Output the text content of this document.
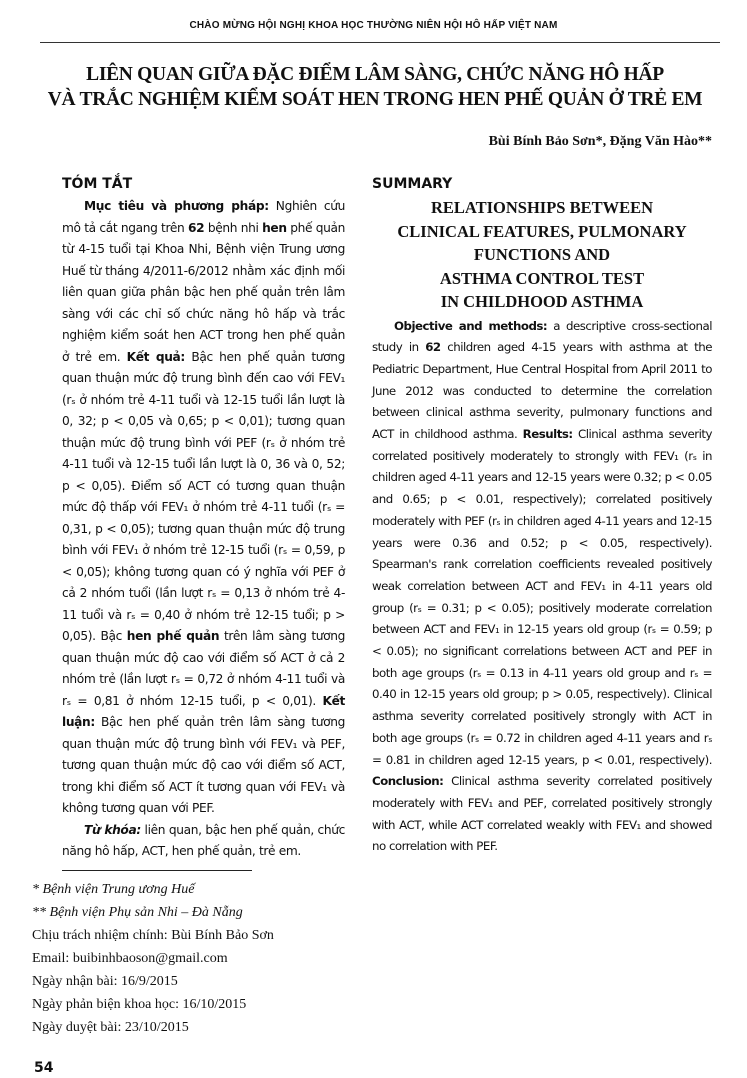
CHÀO MỪNG HỘI NGHỊ KHOA HỌC THƯỜNG NIÊN HỘI HÔ HẤP VIỆT NAM
LIÊN QUAN GIỮA ĐẶC ĐIỂM LÂM SÀNG, CHỨC NĂNG HÔ HẤP
VÀ TRẮC NGHIỆM KIỂM SOÁT HEN TRONG HEN PHẾ QUẢN Ở TRẺ EM
Bùi Bính Bảo Sơn*, Đặng Văn Hào**
TÓM TẮT

Mục tiêu và phương pháp: Nghiên cứu mô tả cắt ngang trên 62 bệnh nhi hen phế quản từ 4-15 tuổi tại Khoa Nhi, Bệnh viện Trung ương Huế từ tháng 4/2011-6/2012 nhằm xác định mối liên quan giữa phân bậc hen phế quản trên lâm sàng với các chỉ số chức năng hô hấp và trắc nghiệm kiểm soát hen ACT trong hen phế quản ở trẻ em. Kết quả: Bậc hen phế quản tương quan thuận mức độ trung bình đến cao với FEV₁ (rₛ ở nhóm trẻ 4-11 tuổi và 12-15 tuổi lần lượt là 0, 32; p < 0,05 và 0,65; p < 0,01); tương quan thuận mức độ trung bình với PEF (rₛ ở nhóm trẻ 4-11 tuổi và 12-15 tuổi lần lượt là 0, 36 và 0, 52; p < 0,05). Điểm số ACT có tương quan thuận mức độ thấp với FEV₁ ở nhóm trẻ 4-11 tuổi (rₛ = 0,31, p < 0,05); tương quan thuận mức độ trung bình với FEV₁ ở nhóm trẻ 12-15 tuổi (rₛ = 0,59, p < 0,05); không tương quan có ý nghĩa với PEF ở cả 2 nhóm tuổi (lần lượt rₛ = 0,13 ở nhóm trẻ 4-11 tuổi và rₛ = 0,40 ở nhóm trẻ 12-15 tuổi; p > 0,05). Bậc hen phế quản trên lâm sàng tương quan thuận mức độ cao với điểm số ACT ở cả 2 nhóm trẻ (lần lượt rₛ = 0,72 ở nhóm 4-11 tuổi và rₛ = 0,81 ở nhóm 12-15 tuổi, p < 0,01). Kết luận: Bậc hen phế quản trên lâm sàng tương quan thuận mức độ trung bình với FEV₁ và PEF, tương quan thuận mức độ cao với điểm số ACT, trong khi điểm số ACT ít tương quan với FEV₁ và không tương quan với PEF.

Từ khóa: liên quan, bậc hen phế quản, chức năng hô hấp, ACT, hen phế quản, trẻ em.

SUMMARY
RELATIONSHIPS BETWEEN
CLINICAL FEATURES, PULMONARY
FUNCTIONS AND
ASTHMA CONTROL TEST
IN CHILDHOOD ASTHMA

Objective and methods: a descriptive cross-sectional study in 62 children aged 4-15 years with asthma at the Pediatric Department, Hue Central Hospital from April 2011 to June 2012 was conducted to determine the correlation between clinical asthma severity, pulmonary functions and ACT in childhood asthma. Results: Clinical asthma severity correlated positively moderately to strongly with FEV₁ (rₛ in children aged 4-11 years and 12-15 years were 0.32; p < 0.05 and 0.65; p < 0.01, respectively); correlated positively moderately with PEF (rₛ in children aged 4-11 years and 12-15 years were 0.36 and 0.52; p < 0.05, respectively). Spearman's rank correlation coefficients revealed positively weak correlation between ACT and FEV₁ in 4-11 years old group (rₛ = 0.31; p < 0.05); positively moderate correlation between ACT and FEV₁ in 12-15 years old group (rₛ = 0.59; p < 0.05); no significant correlations between ACT and PEF in both age groups (rₛ = 0.13 in 4-11 years old group and rₛ = 0.40 in 12-15 years old group; p > 0.05, respectively). Clinical asthma severity correlated positively strongly with ACT in both age groups (rₛ = 0.72 in children aged 4-11 years and rₛ = 0.81 in children aged 12-15 years, p < 0.01, respectively). Conclusion: Clinical asthma severity correlated positively moderately with FEV₁ and PEF, correlated positively strongly with ACT, while ACT correlated weakly with FEV₁ and showed no correlation with PEF.

* Bệnh viện Trung ương Huế
** Bệnh viện Phụ sản Nhi – Đà Nẵng
Chịu trách nhiệm chính: Bùi Bính Bảo Sơn
Email: buibinhbaoson@gmail.com
Ngày nhận bài: 16/9/2015
Ngày phản biện khoa học: 16/10/2015
Ngày duyệt bài: 23/10/2015
54
